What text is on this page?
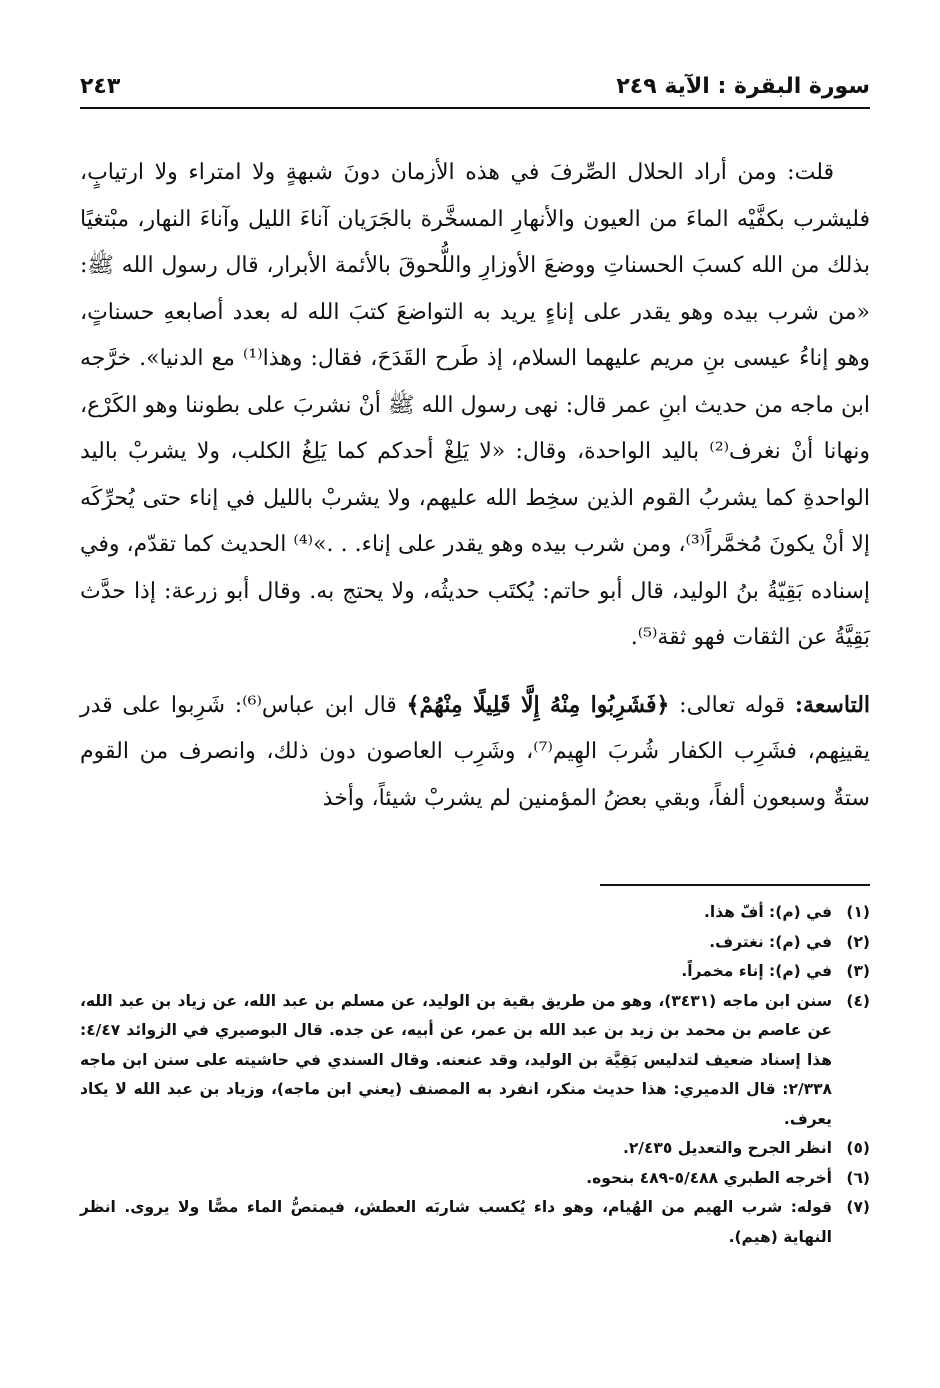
سورة البقرة : الآية ٢٤٩
٢٤٣

قلت: ومن أراد الحلال الصِّرفَ في هذه الأزمان دونَ شبهةٍ ولا امتراء ولا ارتيابٍ، فليشرب بكفَّيْه الماءَ من العيون والأنهارِ المسخَّرة بالجَرَيان آناءَ الليل وآناءَ النهار، مبْتغيًا بذلك من الله كسبَ الحسناتِ ووضعَ الأوزارِ واللُّحوقَ بالأئمة الأبرار، قال رسول الله ﷺ: «من شرب بيده وهو يقدر على إناءٍ يريد به التواضعَ كتبَ الله له بعدد أصابعهِ حسناتٍ، وهو إناءُ عيسى بنِ مريم عليهما السلام، إذ طَرح القَدَحَ، فقال: وهذا⁽¹⁾ مع الدنيا». خرَّجه ابن ماجه من حديث ابنِ عمر قال: نهى رسول الله ﷺ أنْ نشربَ على بطوننا وهو الكَرْع، ونهانا أنْ نغرف⁽²⁾ باليد الواحدة، وقال: «لا يَلِغْ أحدكم كما يَلِغُ الكلب، ولا يشربْ باليد الواحدةِ كما يشربُ القوم الذين سخِط الله عليهم، ولا يشربْ بالليل في إناء حتى يُحرِّكَه إلا أنْ يكونَ مُخمَّراً⁽³⁾، ومن شرب بيده وهو يقدر على إناء. . .»⁽⁴⁾ الحديث كما تقدّم، وفي إسناده بَقِيّةُ بنُ الوليد، قال أبو حاتم: يُكتَب حديثُه، ولا يحتج به. وقال أبو زرعة: إذا حدَّث بَقِيَّةُ عن الثقات فهو ثقة⁽⁵⁾.

التاسعة: قوله تعالى: ﴿فَشَرِبُوا مِنْهُ إِلَّا قَلِيلًا مِنْهُمْ﴾ قال ابن عباس⁽⁶⁾: شَرِبوا على قدر يقينِهم، فشَرِب الكفار شُربَ الهِيم⁽⁷⁾، وشَرِب العاصون دون ذلك، وانصرف من القوم ستةٌ وسبعون ألفاً، وبقي بعضُ المؤمنين لم يشربْ شيئاً، وأخذ

(١)
في (م): أفّ هذا.
(٢)
في (م): نغترف.
(٣)
في (م): إناء مخمراً.
(٤)
سنن ابن ماجه (٣٤٣١)، وهو من طريق بقية بن الوليد، عن مسلم بن عبد الله، عن زياد بن عبد الله، عن عاصم بن محمد بن زيد بن عبد الله بن عمر، عن أبيه، عن جده. قال البوصيري في الزوائد ٤/٤٧: هذا إسناد ضعيف لتدليس بَقِيَّة بن الوليد، وقد عنعنه. وقال السندي في حاشيته على سنن ابن ماجه ٢/٣٣٨: قال الدميري: هذا حديث منكر، انفرد به المصنف (يعني ابن ماجه)، وزياد بن عبد الله لا يكاد يعرف.
(٥)
انظر الجرح والتعديل ٢/٤٣٥.
(٦)
أخرجه الطبري ٥/٤٨٨-٤٨٩ بنحوه.
(٧)
قوله: شرب الهيم من الهُيام، وهو داء يُكسب شاربَه العطش، فيمتصُّ الماء مصًّا ولا يروى. انظر النهاية (هيم).
